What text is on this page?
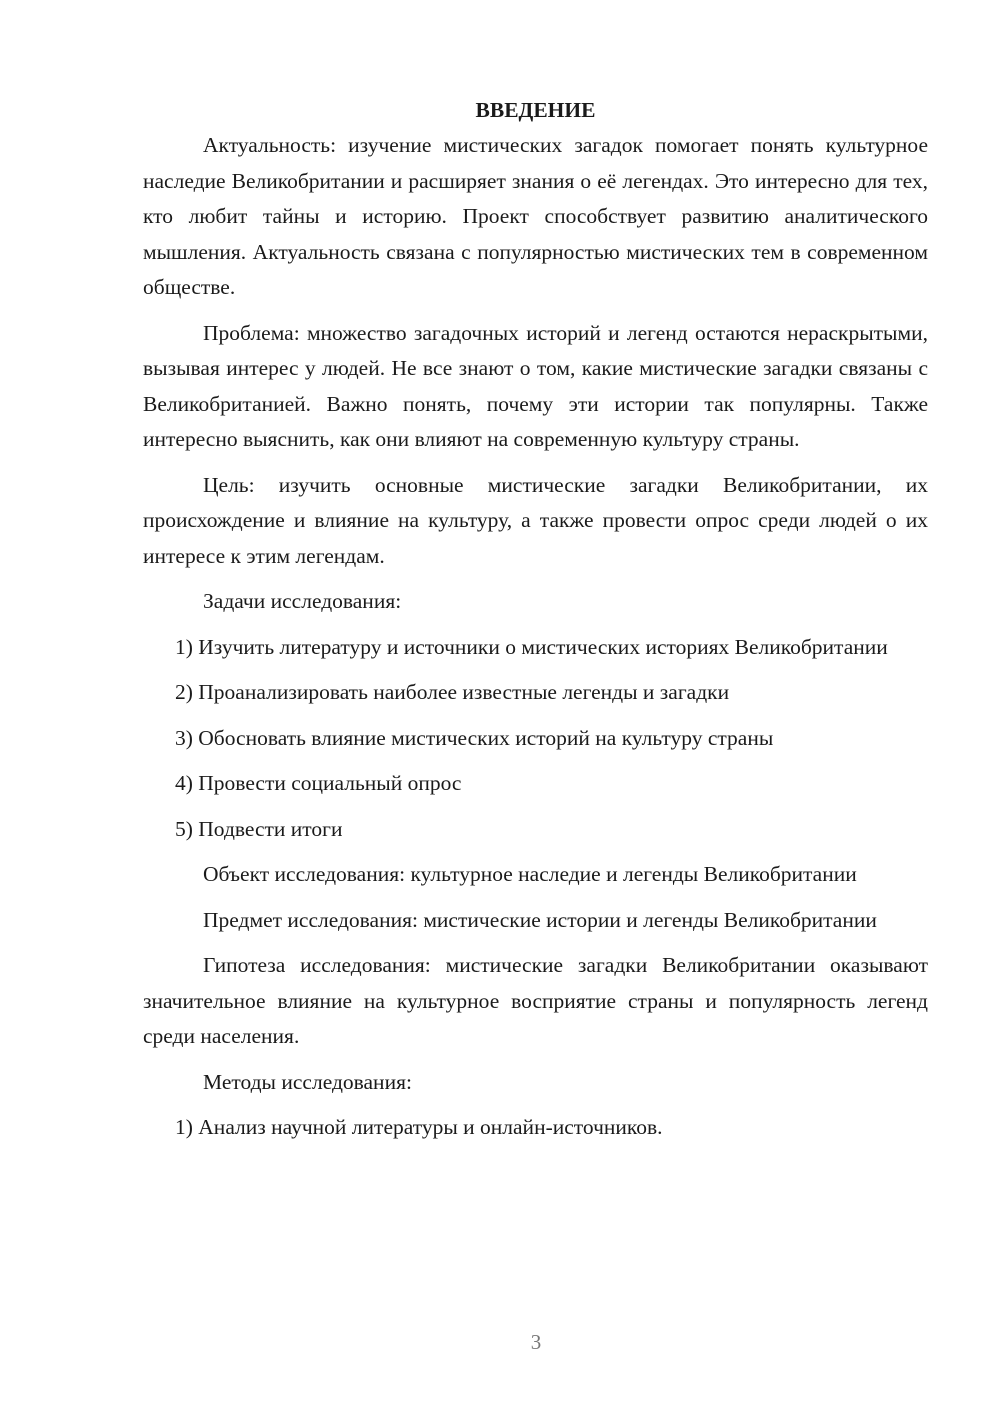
ВВЕДЕНИЕ

Актуальность: изучение мистических загадок помогает понять культурное наследие Великобритании и расширяет знания о её легендах. Это интересно для тех, кто любит тайны и историю. Проект способствует развитию аналитического мышления. Актуальность связана с популярностью мистических тем в современном обществе.

Проблема: множество загадочных историй и легенд остаются нераскрытыми, вызывая интерес у людей. Не все знают о том, какие мистические загадки связаны с Великобританией. Важно понять, почему эти истории так популярны. Также интересно выяснить, как они влияют на современную культуру страны.

Цель: изучить основные мистические загадки Великобритании, их происхождение и влияние на культуру, а также провести опрос среди людей о их интересе к этим легендам.

Задачи исследования:

1) Изучить литературу и источники о мистических историях Великобритании

2) Проанализировать наиболее известные легенды и загадки

3) Обосновать влияние мистических историй на культуру страны

4) Провести социальный опрос

5) Подвести итоги

Объект исследования: культурное наследие и легенды Великобритании

Предмет исследования: мистические истории и легенды Великобритании

Гипотеза исследования: мистические загадки Великобритании оказывают значительное влияние на культурное восприятие страны и популярность легенд среди населения.

Методы исследования:

1) Анализ научной литературы и онлайн-источников.

3
